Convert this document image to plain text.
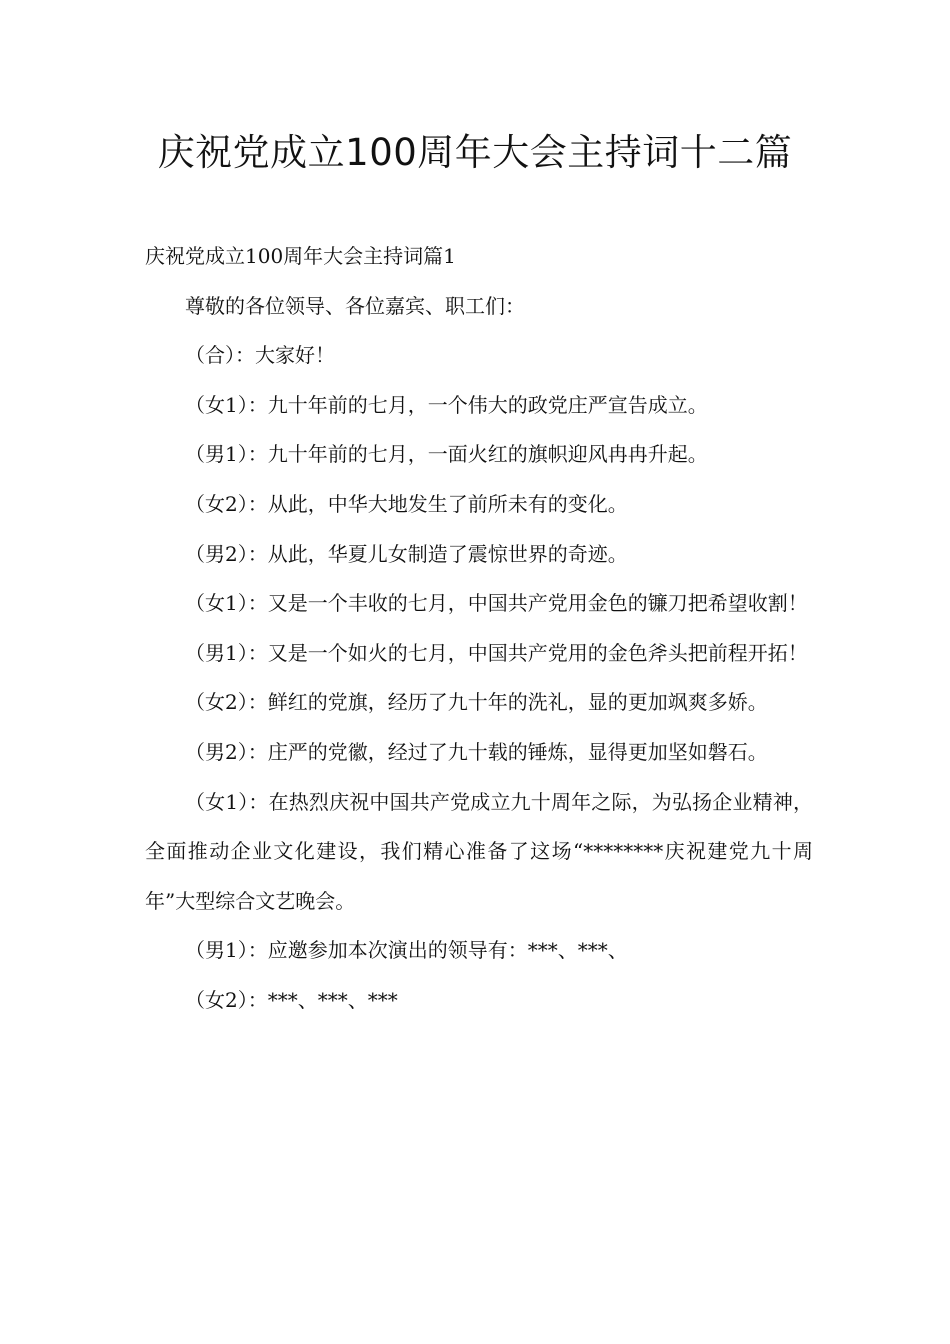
庆祝党成立100周年大会主持词十二篇

庆祝党成立100周年大会主持词篇1

尊敬的各位领导、各位嘉宾、职工们：

（合）：大家好！

（女1）：九十年前的七月，一个伟大的政党庄严宣告成立。

（男1）：九十年前的七月，一面火红的旗帜迎风冉冉升起。

（女2）：从此，中华大地发生了前所未有的变化。

（男2）：从此，华夏儿女制造了震惊世界的奇迹。

（女1）：又是一个丰收的七月，中国共产党用金色的镰刀把希望收割！

（男1）：又是一个如火的七月，中国共产党用的金色斧头把前程开拓！

（女2）：鲜红的党旗，经历了九十年的洗礼，显的更加飒爽多娇。

（男2）：庄严的党徽，经过了九十载的锤炼，显得更加坚如磐石。

（女1）：在热烈庆祝中国共产党成立九十周年之际，为弘扬企业精神，全面推动企业文化建设，我们精心准备了这场“********庆祝建党九十周年”大型综合文艺晚会。

（男1）：应邀参加本次演出的领导有：***、***、

（女2）：***、***、***
